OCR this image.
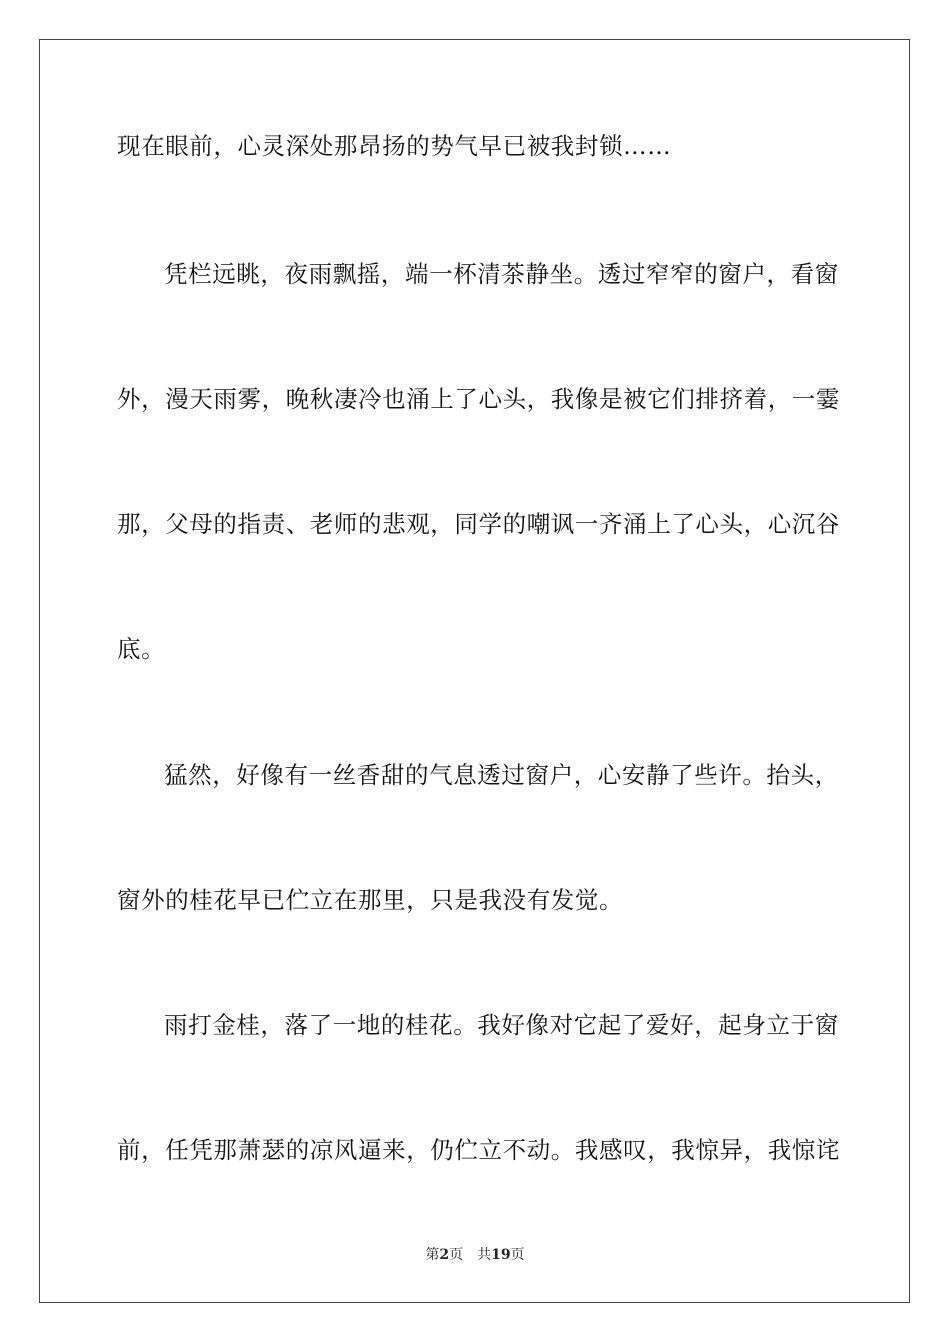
现在眼前，心灵深处那昂扬的势气早已被我封锁……
凭栏远眺，夜雨飘摇，端一杯清茶静坐。透过窄窄的窗户，看窗
外，漫天雨雾，晚秋凄冷也涌上了心头，我像是被它们排挤着，一霎
那，父母的指责、老师的悲观，同学的嘲讽一齐涌上了心头，心沉谷
底。
猛然，好像有一丝香甜的气息透过窗户，心安静了些许。抬头，
窗外的桂花早已伫立在那里，只是我没有发觉。
雨打金桂，落了一地的桂花。我好像对它起了爱好，起身立于窗
前，任凭那萧瑟的凉风逼来，仍伫立不动。我感叹，我惊异，我惊诧
第2页 共19页
